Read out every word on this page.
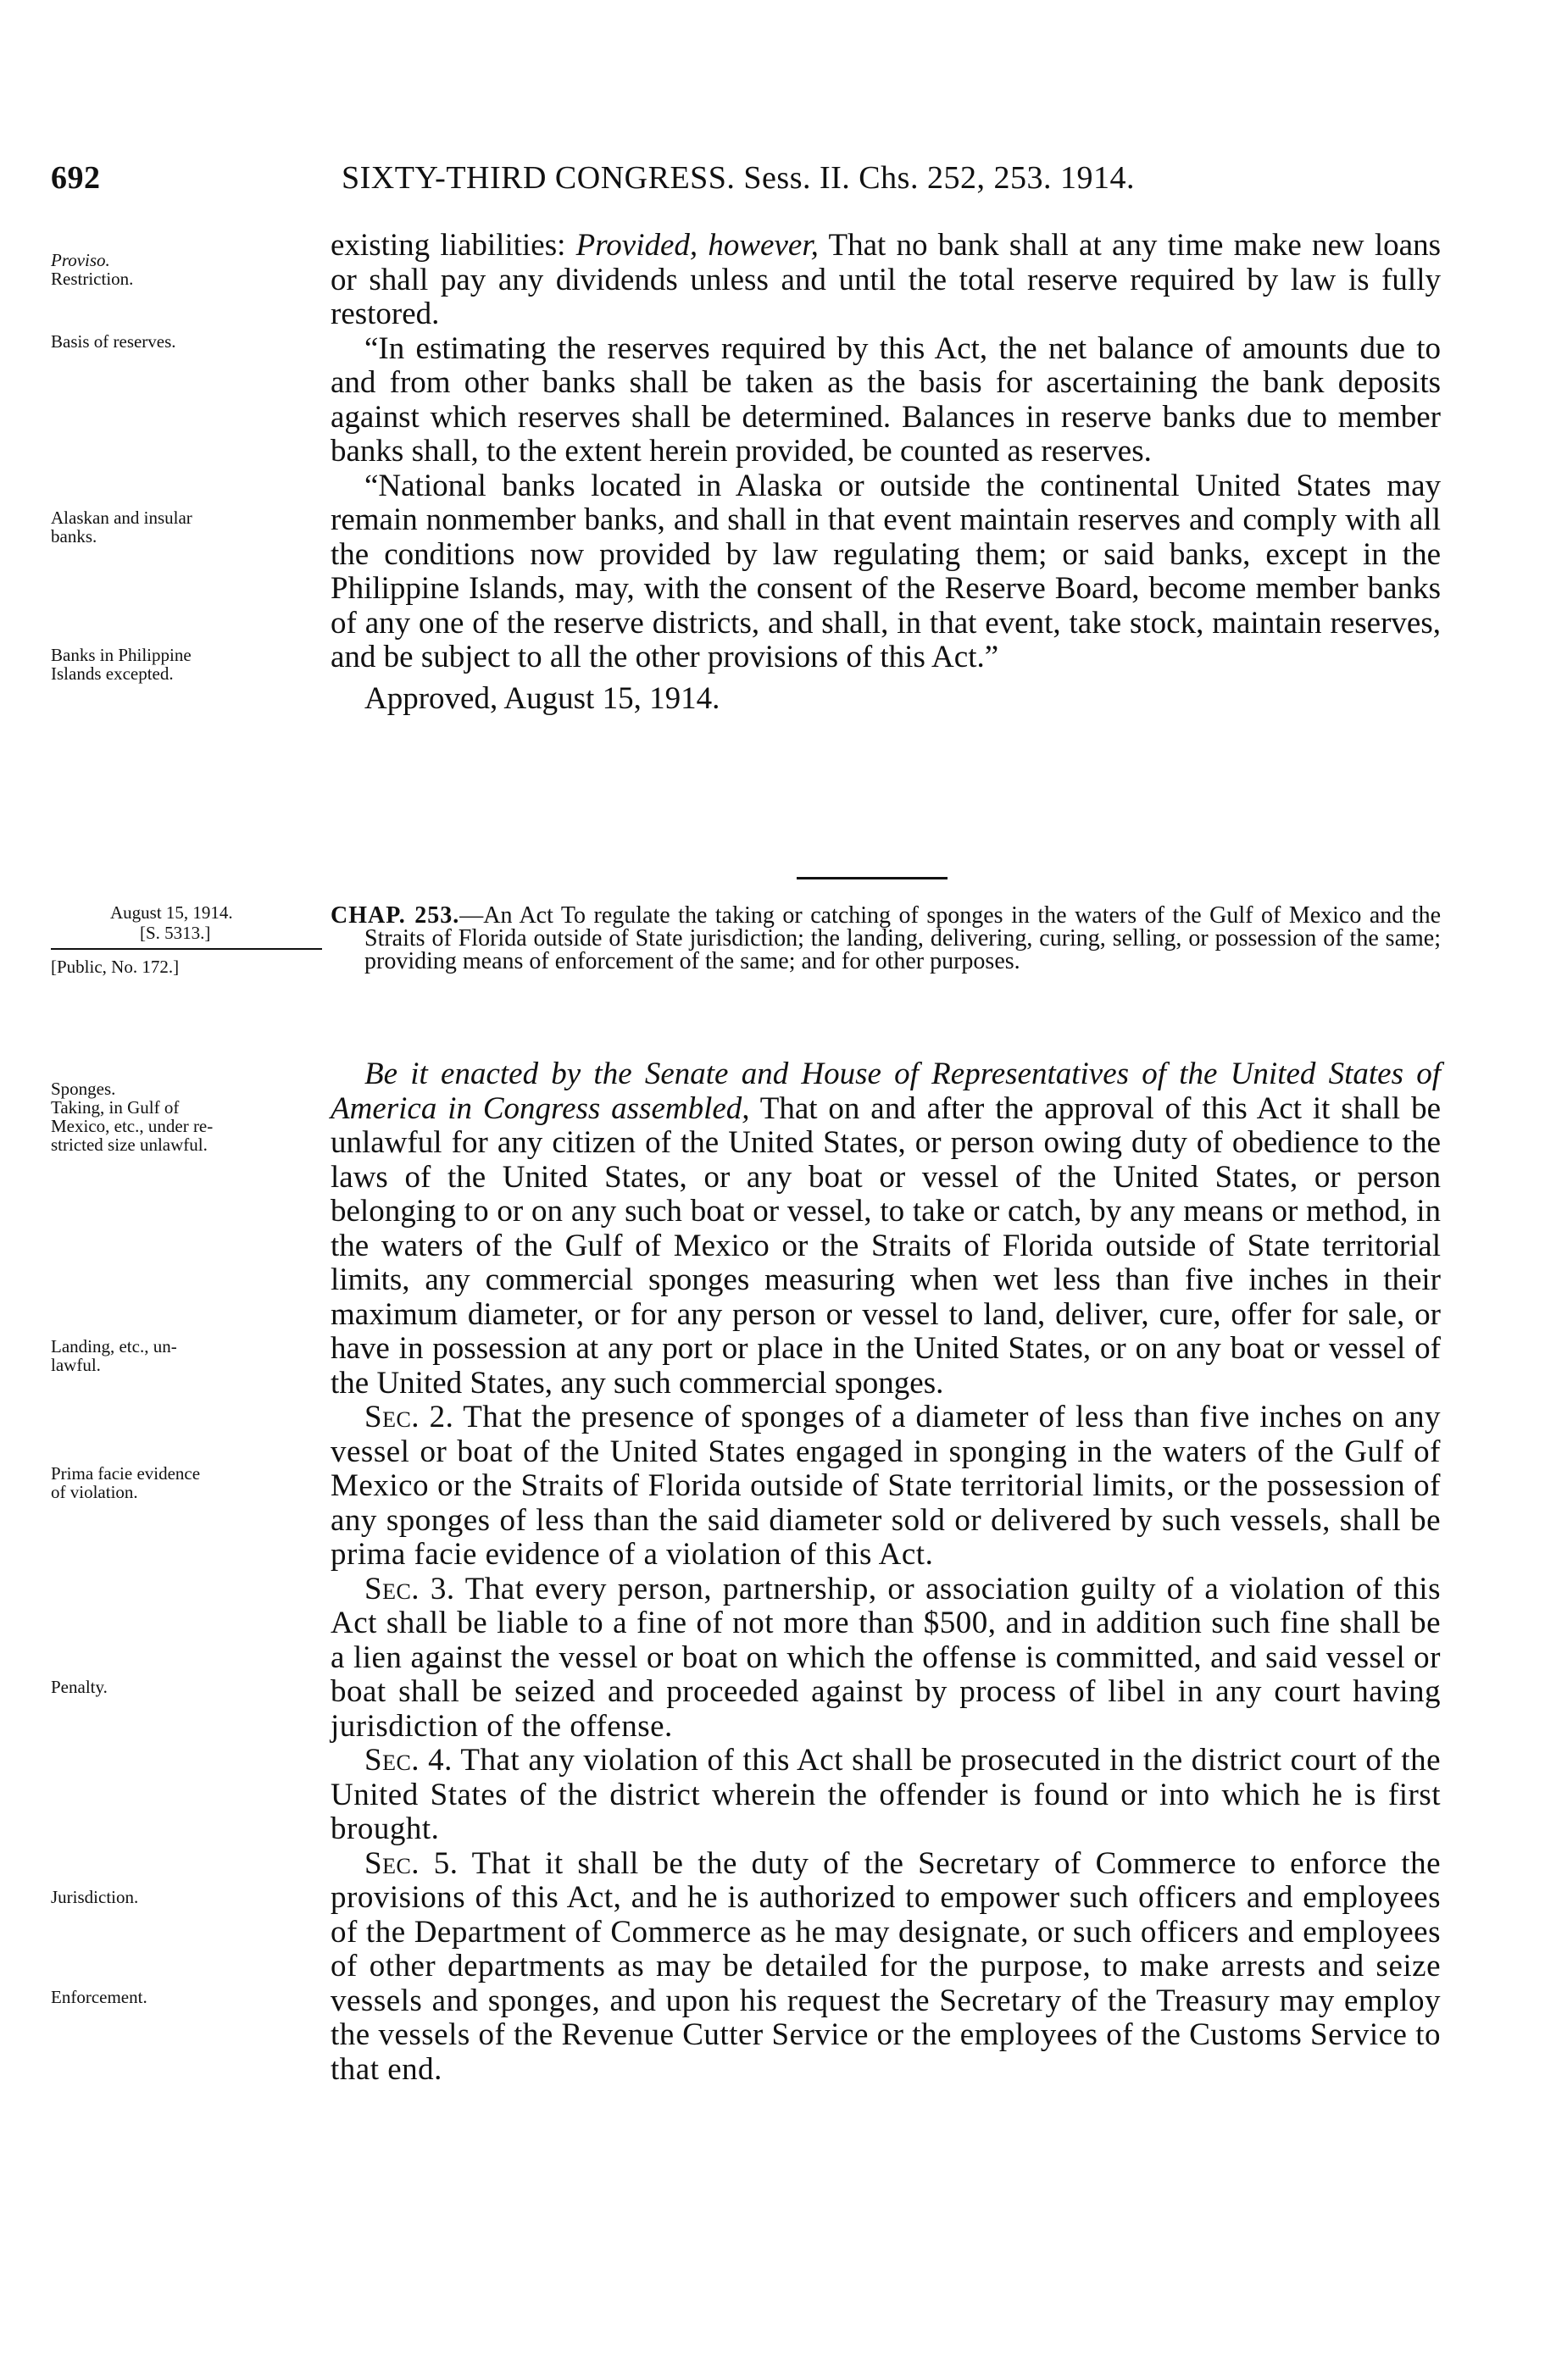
692	SIXTY-THIRD CONGRESS. Sess. II. Chs. 252, 253. 1914.
Proviso.
Restriction.
Basis of reserves.
Alaskan and insular
banks.
Banks in Philippine
Islands excepted.

existing liabilities: Provided, however, That no bank shall at any time make new loans or shall pay any dividends unless and until the total reserve required by law is fully restored.

“In estimating the reserves required by this Act, the net balance of amounts due to and from other banks shall be taken as the basis for ascertaining the bank deposits against which reserves shall be determined. Balances in reserve banks due to member banks shall, to the extent herein provided, be counted as reserves.

“National banks located in Alaska or outside the continental United States may remain nonmember banks, and shall in that event maintain reserves and comply with all the conditions now provided by law regulating them; or said banks, except in the Philippine Islands, may, with the consent of the Reserve Board, become member banks of any one of the reserve districts, and shall, in that event, take stock, maintain reserves, and be subject to all the other provisions of this Act.”

Approved, August 15, 1914.

August 15, 1914.
[S. 5313.]
[Public, No. 172.]
CHAP. 253.—An Act To regulate the taking or catching of sponges in the waters of the Gulf of Mexico and the Straits of Florida outside of State jurisdiction; the landing, delivering, curing, selling, or possession of the same; providing means of enforcement of the same; and for other purposes.
Sponges.
Taking, in Gulf of
Mexico, etc., under re-
stricted size unlawful.
Landing, etc., un-
lawful.
Prima facie evidence
of violation.
Penalty.
Jurisdiction.
Enforcement.

Be it enacted by the Senate and House of Representatives of the United States of America in Congress assembled, That on and after the approval of this Act it shall be unlawful for any citizen of the United States, or person owing duty of obedience to the laws of the United States, or any boat or vessel of the United States, or person belonging to or on any such boat or vessel, to take or catch, by any means or method, in the waters of the Gulf of Mexico or the Straits of Florida outside of State territorial limits, any commercial sponges measuring when wet less than five inches in their maximum diameter, or for any person or vessel to land, deliver, cure, offer for sale, or have in possession at any port or place in the United States, or on any boat or vessel of the United States, any such commercial sponges.

Sec. 2. That the presence of sponges of a diameter of less than five inches on any vessel or boat of the United States engaged in sponging in the waters of the Gulf of Mexico or the Straits of Florida outside of State territorial limits, or the possession of any sponges of less than the said diameter sold or delivered by such vessels, shall be prima facie evidence of a violation of this Act.

Sec. 3. That every person, partnership, or association guilty of a violation of this Act shall be liable to a fine of not more than $500, and in addition such fine shall be a lien against the vessel or boat on which the offense is committed, and said vessel or boat shall be seized and proceeded against by process of libel in any court having jurisdiction of the offense.

Sec. 4. That any violation of this Act shall be prosecuted in the district court of the United States of the district wherein the offender is found or into which he is first brought.

Sec. 5. That it shall be the duty of the Secretary of Commerce to enforce the provisions of this Act, and he is authorized to empower such officers and employees of the Department of Commerce as he may designate, or such officers and employees of other departments as may be detailed for the purpose, to make arrests and seize vessels and sponges, and upon his request the Secretary of the Treasury may employ the vessels of the Revenue Cutter Service or the employees of the Customs Service to that end.
